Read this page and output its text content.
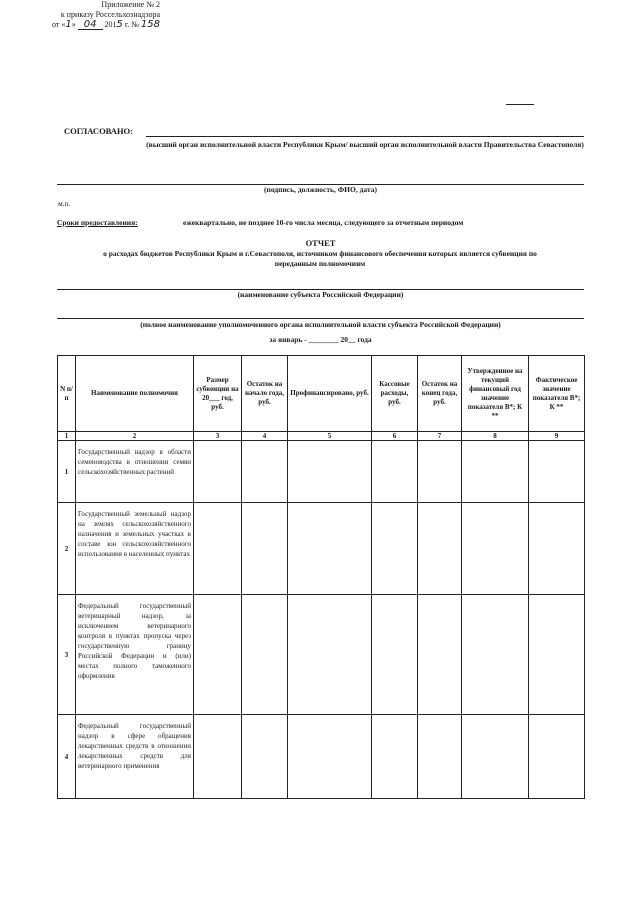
Приложение № 2
к приказу Россельхознадзора
от «1» 04 2015 г. № 158
СОГЛАСОВАНО:
(высший орган исполнительной власти Республики Крым/ высший орган исполнительной власти Правительства Севастополя)
(подпись, должность, ФИО, дата)
м.п.
Сроки предоставления:	ежеквартально, не позднее 10-го числа месяца, следующего за отчетным периодом
ОТЧЕТ
о расходах бюджетов Республики Крым и г.Севастополя, источником финансового обеспечения которых является субвенция по переданным полномочиям
(наименование субъекта Российской Федерации)
(полное наименование уполномоченного органа исполнительной власти субъекта Российской Федерации)
за январь - ________ 20__ года
N п/п	Наименование полномочия	Размер субвенции на 20___ год, руб.	Остаток на начало года, руб.	Профинансировано, руб.	Кассовые расходы, руб.	Остаток на конец года, руб.	Утвержденное на текущий финансовый год значение показателя В*; К **	Фактическое значение показателя В*; К **
1	2	3	4	5	6	7	8	9
1	Государственный надзор в области семеноводства в отношении семян сельскохозяйственных растений							
2	Государственный земельный надзор на землях сельскохозяйственного назначения и земельных участках в составе зон сельскохозяйственного использования в населенных пунктах							
3	Федеральный государственный ветеринарный надзор, за исключением ветеринарного контроля в пунктах пропуска через государственную границу Российской Федерации и (или) местах полного таможенного оформления							
4	Федеральный государственный надзор в сфере обращения лекарственных средств в отношении лекарственных средств для ветеринарного применения							
